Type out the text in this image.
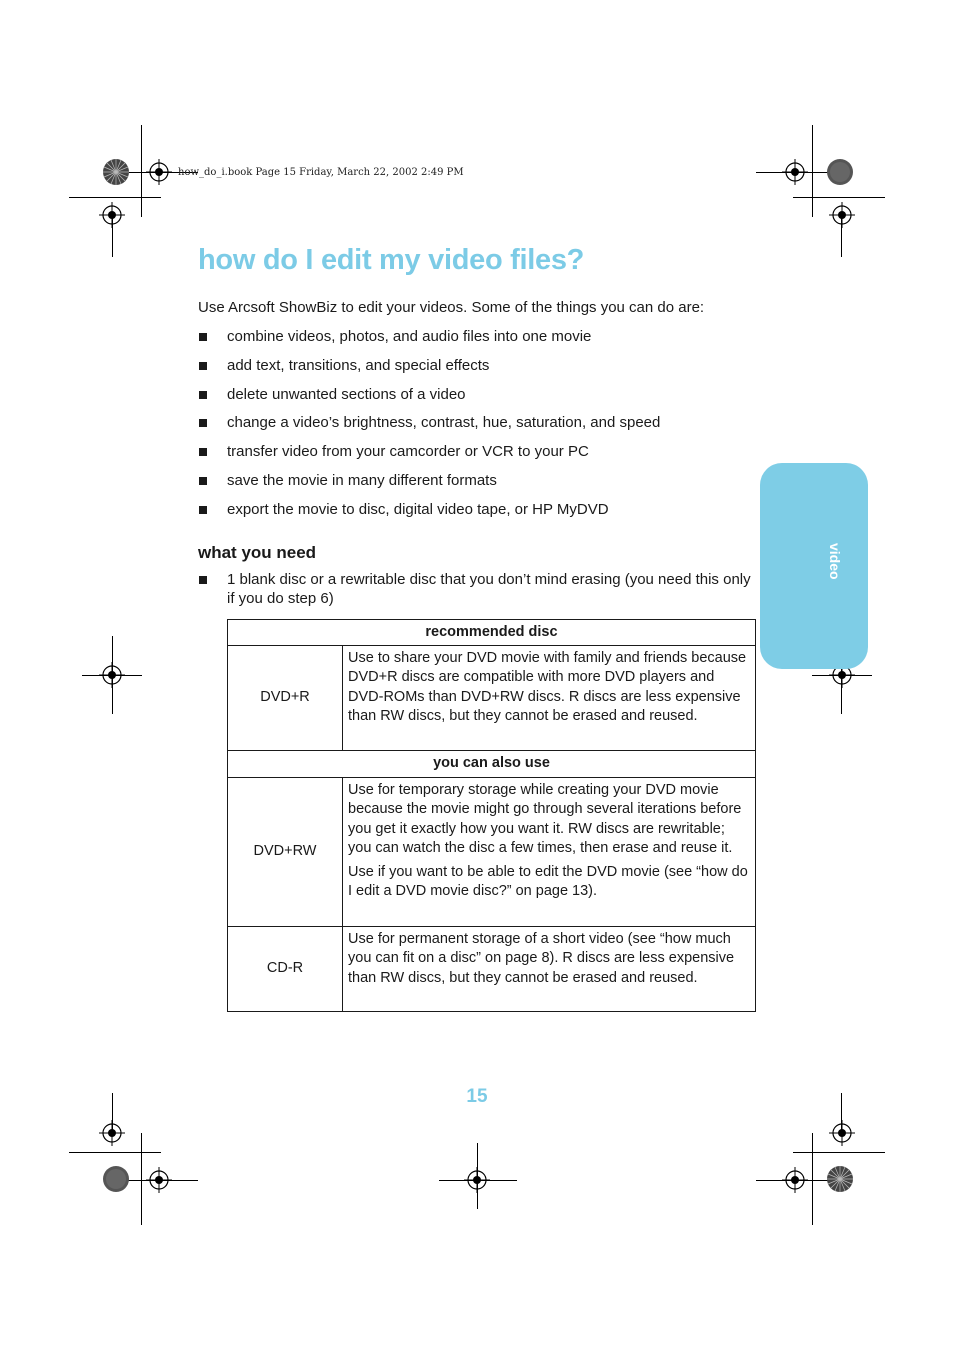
how_do_i.book Page 15 Friday, March 22, 2002 2:49 PM
how do I edit my video files?
Use Arcsoft ShowBiz to edit your videos. Some of the things you can do are:
combine videos, photos, and audio files into one movie
add text, transitions, and special effects
delete unwanted sections of a video
change a video’s brightness, contrast, hue, saturation, and speed
transfer video from your camcorder or VCR to your PC
save the movie in many different formats
export the movie to disc, digital video tape, or HP MyDVD
what you need
1 blank disc or a rewritable disc that you don’t mind erasing (you need this only if you do step 6)
recommended disc	
DVD+R	Use to share your DVD movie with family and friends because DVD+R discs are compatible with more DVD players and DVD-ROMs than DVD+RW discs. R discs are less expensive than RW discs, but they cannot be erased and reused.

you can also use	
DVD+RW	Use for temporary storage while creating your DVD movie because the movie might go through several iterations before you get it exactly how you want it. RW discs are rewritable; you can watch the disc a few times, then erase and reuse it.

Use if you want to be able to edit the DVD movie (see “how do I edit a DVD movie disc?” on page 13).

CD-R	Use for permanent storage of a short video (see “how much you can fit on a disc” on page 8). R discs are less expensive than RW discs, but they cannot be erased and reused.

15
video
